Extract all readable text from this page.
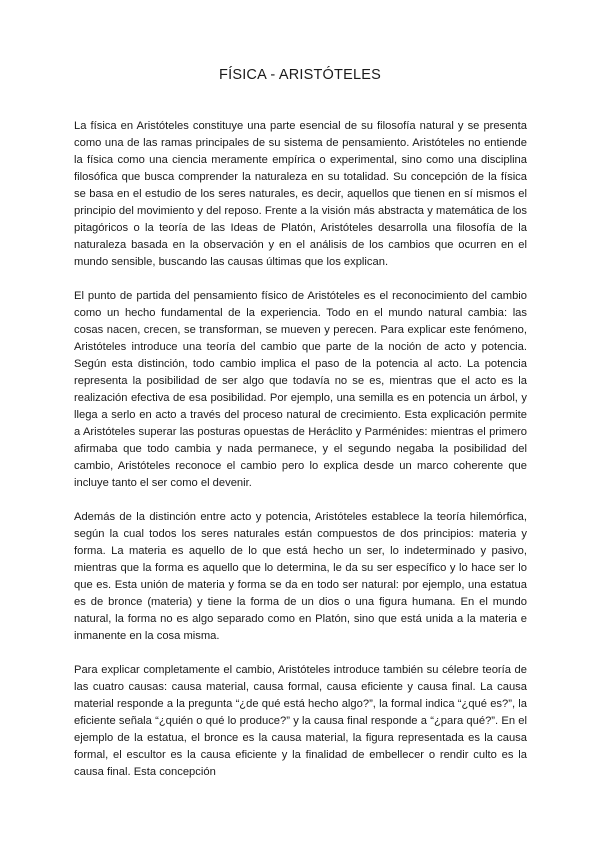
FÍSICA - ARISTÓTELES

La física en Aristóteles constituye una parte esencial de su filosofía natural y se presenta como una de las ramas principales de su sistema de pensamiento. Aristóteles no entiende la física como una ciencia meramente empírica o experimental, sino como una disciplina filosófica que busca comprender la naturaleza en su totalidad. Su concepción de la física se basa en el estudio de los seres naturales, es decir, aquellos que tienen en sí mismos el principio del movimiento y del reposo. Frente a la visión más abstracta y matemática de los pitagóricos o la teoría de las Ideas de Platón, Aristóteles desarrolla una filosofía de la naturaleza basada en la observación y en el análisis de los cambios que ocurren en el mundo sensible, buscando las causas últimas que los explican.

El punto de partida del pensamiento físico de Aristóteles es el reconocimiento del cambio como un hecho fundamental de la experiencia. Todo en el mundo natural cambia: las cosas nacen, crecen, se transforman, se mueven y perecen. Para explicar este fenómeno, Aristóteles introduce una teoría del cambio que parte de la noción de acto y potencia. Según esta distinción, todo cambio implica el paso de la potencia al acto. La potencia representa la posibilidad de ser algo que todavía no se es, mientras que el acto es la realización efectiva de esa posibilidad. Por ejemplo, una semilla es en potencia un árbol, y llega a serlo en acto a través del proceso natural de crecimiento. Esta explicación permite a Aristóteles superar las posturas opuestas de Heráclito y Parménides: mientras el primero afirmaba que todo cambia y nada permanece, y el segundo negaba la posibilidad del cambio, Aristóteles reconoce el cambio pero lo explica desde un marco coherente que incluye tanto el ser como el devenir.

Además de la distinción entre acto y potencia, Aristóteles establece la teoría hilemórfica, según la cual todos los seres naturales están compuestos de dos principios: materia y forma. La materia es aquello de lo que está hecho un ser, lo indeterminado y pasivo, mientras que la forma es aquello que lo determina, le da su ser específico y lo hace ser lo que es. Esta unión de materia y forma se da en todo ser natural: por ejemplo, una estatua es de bronce (materia) y tiene la forma de un dios o una figura humana. En el mundo natural, la forma no es algo separado como en Platón, sino que está unida a la materia e inmanente en la cosa misma.

Para explicar completamente el cambio, Aristóteles introduce también su célebre teoría de las cuatro causas: causa material, causa formal, causa eficiente y causa final. La causa material responde a la pregunta “¿de qué está hecho algo?”, la formal indica “¿qué es?”, la eficiente señala “¿quién o qué lo produce?” y la causa final responde a “¿para qué?”. En el ejemplo de la estatua, el bronce es la causa material, la figura representada es la causa formal, el escultor es la causa eficiente y la finalidad de embellecer o rendir culto es la causa final. Esta concepción
